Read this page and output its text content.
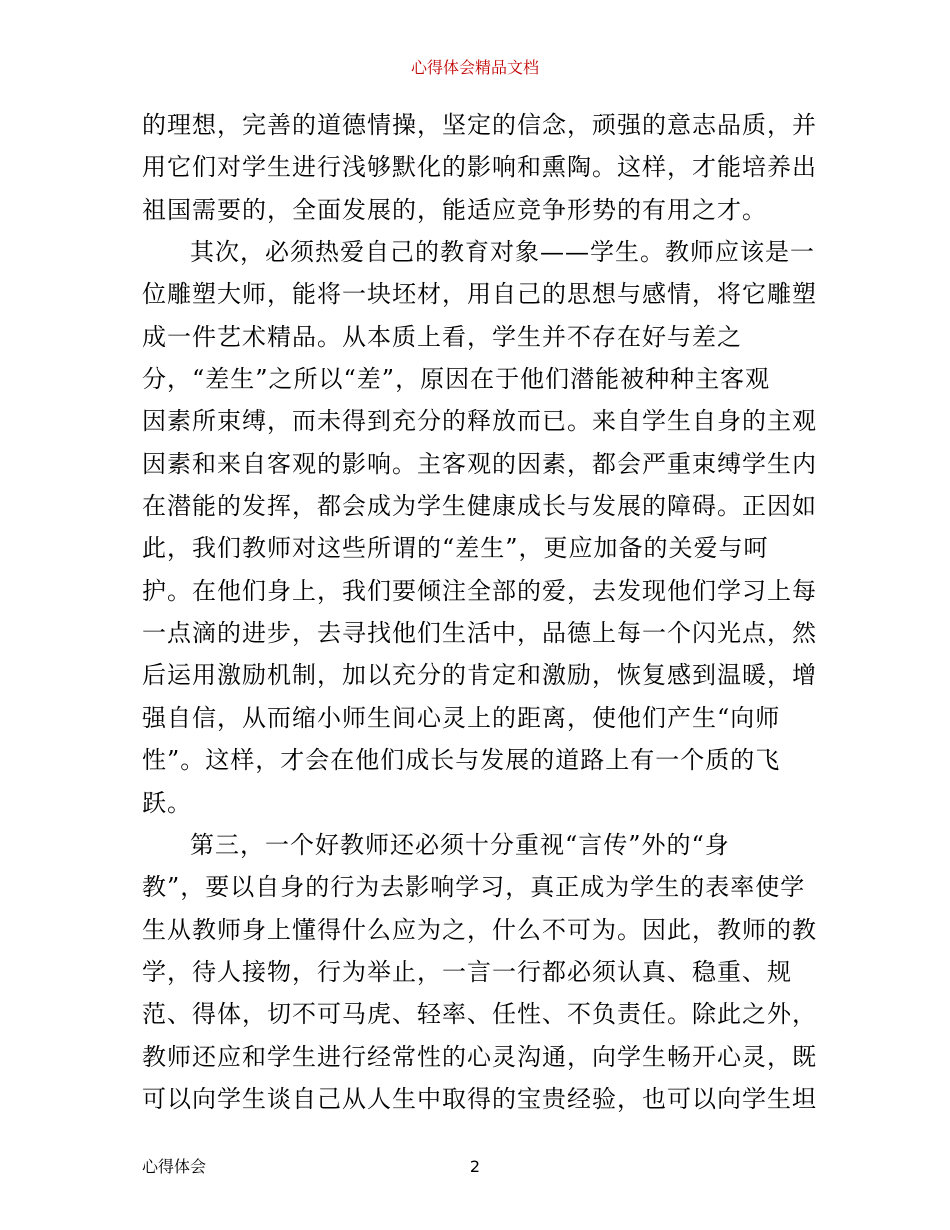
心得体会精品文档
的理想，完善的道德情操，坚定的信念，顽强的意志品质，并
用它们对学生进行浅够默化的影响和熏陶。这样，才能培养出
祖国需要的，全面发展的，能适应竞争形势的有用之才。
其次，必须热爱自己的教育对象——学生。教师应该是一
位雕塑大师，能将一块坯材，用自己的思想与感情，将它雕塑
成一件艺术精品。从本质上看，学生并不存在好与差之
分，“差生”之所以“差”，原因在于他们潜能被种种主客观
因素所束缚，而未得到充分的释放而已。来自学生自身的主观
因素和来自客观的影响。主客观的因素，都会严重束缚学生内
在潜能的发挥，都会成为学生健康成长与发展的障碍。正因如
此，我们教师对这些所谓的“差生”，更应加备的关爱与呵
护。在他们身上，我们要倾注全部的爱，去发现他们学习上每
一点滴的进步，去寻找他们生活中，品德上每一个闪光点，然
后运用激励机制，加以充分的肯定和激励，恢复感到温暖，增
强自信，从而缩小师生间心灵上的距离，使他们产生“向师
性”。这样，才会在他们成长与发展的道路上有一个质的飞
跃。
第三，一个好教师还必须十分重视“言传”外的“身
教”，要以自身的行为去影响学习，真正成为学生的表率使学
生从教师身上懂得什么应为之，什么不可为。因此，教师的教
学，待人接物，行为举止，一言一行都必须认真、稳重、规
范、得体，切不可马虎、轻率、任性、不负责任。除此之外，
教师还应和学生进行经常性的心灵沟通，向学生畅开心灵，既
可以向学生谈自己从人生中取得的宝贵经验，也可以向学生坦
心得体会	2
